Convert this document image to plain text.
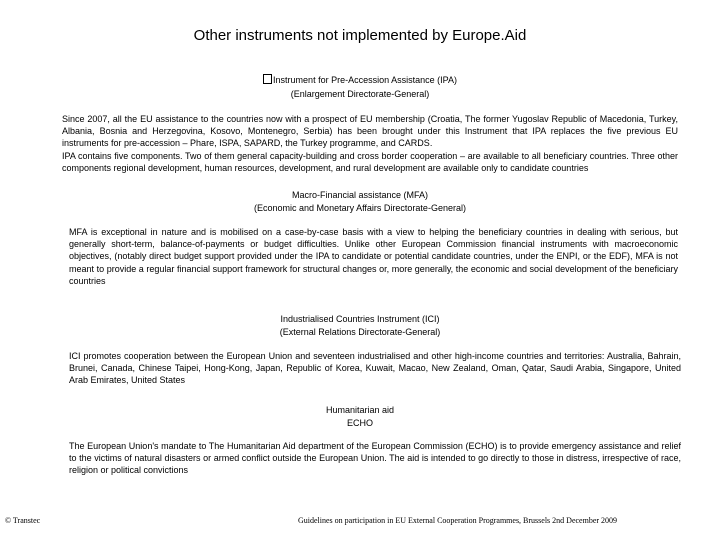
Other instruments not implemented by Europe.Aid
Instrument for Pre-Accession Assistance (IPA)
(Enlargement Directorate-General)
Since 2007, all the EU assistance to the countries now with a prospect of EU membership (Croatia, The former Yugoslav Republic of Macedonia, Turkey, Albania, Bosnia and Herzegovina, Kosovo, Montenegro, Serbia) has been brought under this Instrument that IPA replaces the five previous EU instruments for pre-accession – Phare, ISPA, SAPARD, the Turkey programme, and CARDS.
IPA contains five components. Two of them general capacity-building and cross border cooperation – are available to all beneficiary countries. Three other components regional development, human resources, development, and rural development are available only to candidate countries
Macro-Financial assistance (MFA)
(Economic and Monetary Affairs Directorate-General)
MFA is exceptional in nature and is mobilised on a case-by-case basis with a view to helping the beneficiary countries in dealing with serious, but generally short-term, balance-of-payments or budget difficulties. Unlike other European Commission financial instruments with macroeconomic objectives, (notably direct budget support provided under the IPA to candidate or potential candidate countries, under the ENPI, or the EDF), MFA is not meant to provide a regular financial support framework for structural changes or, more generally, the economic and social development of the beneficiary countries
Industrialised Countries Instrument (ICI)
(External Relations Directorate-General)
ICI promotes cooperation between the European Union and seventeen industrialised and other high-income countries and territories: Australia, Bahrain, Brunei, Canada, Chinese Taipei, Hong-Kong, Japan, Republic of Korea, Kuwait, Macao, New Zealand, Oman, Qatar, Saudi Arabia, Singapore, United Arab Emirates, United States
Humanitarian aid
ECHO
The European Union's mandate to The Humanitarian Aid department of the European Commission (ECHO) is to provide emergency assistance and relief to the victims of natural disasters or armed conflict outside the European Union. The aid is intended to go directly to those in distress, irrespective of race, religion or political convictions
© Transtec	Guidelines on participation in EU External Cooperation Programmes, Brussels 2nd December 2009
